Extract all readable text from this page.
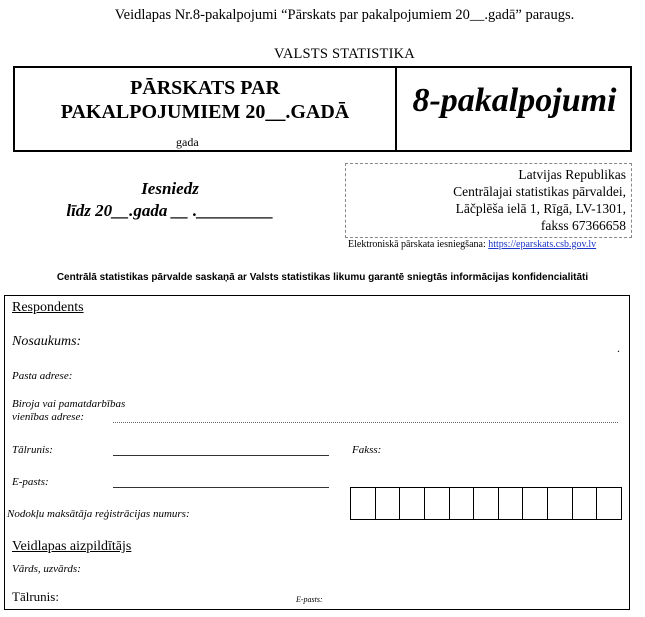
Veidlapas Nr.8-pakalpojumi “Pārskats par pakalpojumiem 20__.gadā” paraugs.
VALSTS STATISTIKA
PĀRSKATS PAR
PAKALPOJUMIEM 20__.GADĀ
gada
8-pakalpojumi
Iesniedz
līdz 20__.gada __ ._________
Latvijas Republikas
Centrālajai statistikas pārvaldei,
Lāčplēša ielā 1, Rīgā, LV-1301,
fakss 67366658
Elektroniskā pārskata iesniegšana: https://eparskats.csb.gov.lv
Centrālā statistikas pārvalde saskaņā ar Valsts statistikas likumu garantē sniegtās informācijas konfidencialitāti
Respondents
Nosaukums:	.
Pasta adrese:
Biroja vai pamatdarbības
vienības adrese:
Tālrunis:	Fakss:
E-pasts:
Nodokļu maksātāja reģistrācijas numurs:
Veidlapas aizpildītājs
Vārds, uzvārds:
Tālrunis:	E-pasts:
